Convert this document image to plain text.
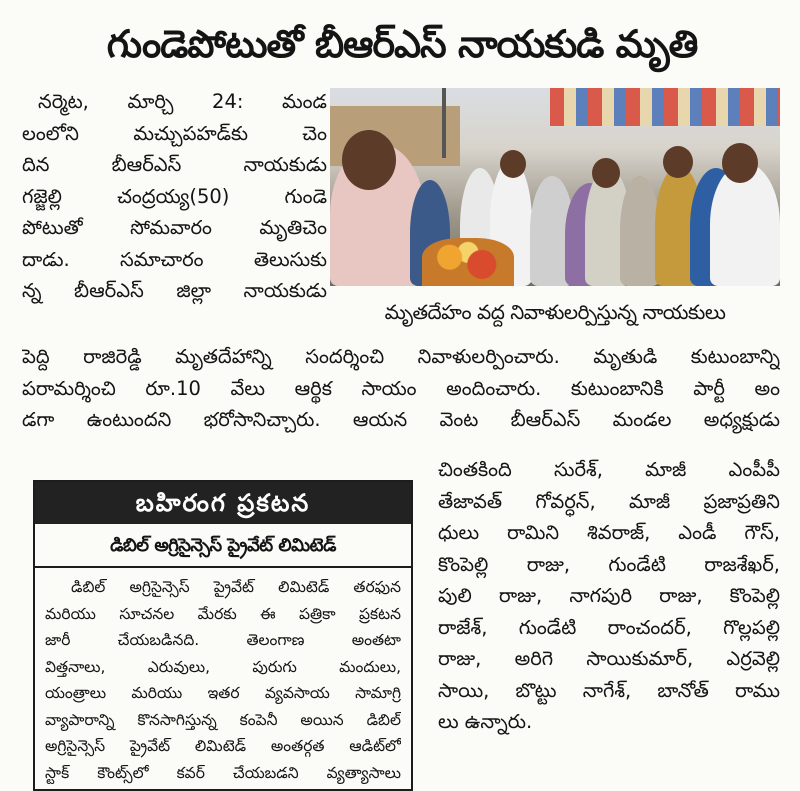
గుండెపోటుతో బీఆర్ఎస్ నాయకుడి మృతి
నర్మెట, మార్చి 24: మండ
లంలోని మచ్చుపహడ్‌కు చెం
దిన బీఆర్ఎస్ నాయకుడు
గజ్జెల్లి చంద్రయ్య(50) గుండె
పోటుతో సోమవారం మృతిచెం
దాడు. సమాచారం తెలుసుకు
న్న బీఆర్ఎస్ జిల్లా నాయకుడు
మృతదేహం వద్ద నివాళులర్పిస్తున్న నాయకులు
పెద్ది రాజిరెడ్డి మృతదేహాన్ని సందర్శించి నివాళులర్పించారు. మృతుడి కుటుంబాన్ని
పరామర్శించి రూ.10 వేలు ఆర్థిక సాయం అందించారు. కుటుంబానికి పార్టీ అం
డగా ఉంటుందని భరోసానిచ్చారు. ఆయన వెంట బీఆర్ఎస్ మండల అధ్యక్షుడు
చింతకింది సురేశ్, మాజీ ఎంపీపీ
తేజావత్ గోవర్ధన్, మాజీ ప్రజాప్రతిని
ధులు రామిని శివరాజ్, ఎండీ గౌస్,
కొంపెల్లి రాజు, గుండేటి రాజశేఖర్,
పులి రాజు, నాగపురి రాజు, కొంపెల్లి
రాజేశ్, గుండేటి రాంచందర్, గొల్లపల్లి
రాజు, అరిగె సాయికుమార్, ఎర్రవెల్లి
సాయి, బొట్టు నాగేశ్, బానోత్ రాము
లు ఉన్నారు.
బహిరంగ ప్రకటన
డిబిల్ అగ్రిసైన్సెస్ ప్రైవేట్ లిమిటెడ్
డిబిల్ అగ్రిసైన్సెస్ ప్రైవేట్ లిమిటెడ్ తరఫున
మరియు సూచనల మేరకు ఈ పత్రికా ప్రకటన
జారీ చేయబడినది. తెలంగాణ అంతటా
విత్తనాలు, ఎరువులు, పురుగు మందులు,
యంత్రాలు మరియు ఇతర వ్యవసాయ సామాగ్రి
వ్యాపారాన్ని కొనసాగిస్తున్న కంపెనీ అయిన డిబిల్
అగ్రిసైన్సెస్ ప్రైవేట్ లిమిటెడ్ అంతర్గత ఆడిట్‌లో
స్టాక్ కౌంట్స్‌లో కవర్ చేయబడని వ్యత్యాసాలు
